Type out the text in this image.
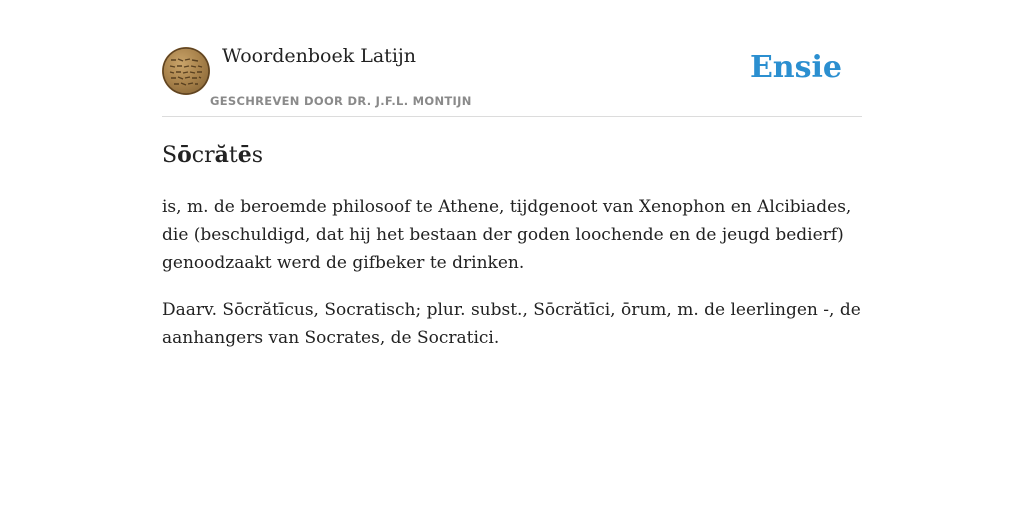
Woordenboek Latijn
GESCHREVEN DOOR DR. J.F.L. MONTIJN
Ensie
Sōcrătēs

is, m. de beroemde philosoof te Athene, tijdgenoot van Xenophon en Alcibiades, die (beschuldigd, dat hij het bestaan der goden loochende en de jeugd bedierf) genoodzaakt werd de gifbeker te drinken.

Daarv. Sōcrătīcus, Socratisch; plur. subst., Sōcrătīci, ōrum, m. de leerlingen -, de aanhangers van Socrates, de Socratici.
